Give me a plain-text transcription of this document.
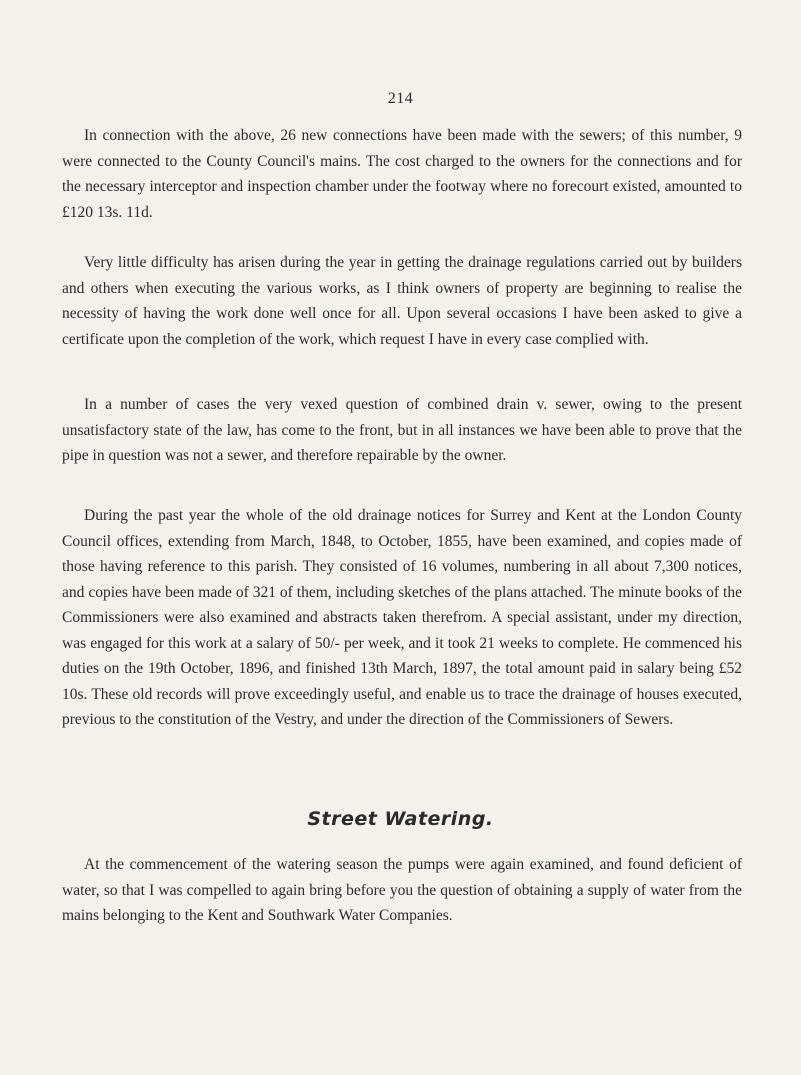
214

In connection with the above, 26 new connections have been made with the sewers; of this number, 9 were connected to the County Council's mains. The cost charged to the owners for the connections and for the necessary interceptor and inspection chamber under the footway where no forecourt existed, amounted to £120 13s. 11d.

Very little difficulty has arisen during the year in getting the drainage regulations carried out by builders and others when executing the various works, as I think owners of property are beginning to realise the necessity of having the work done well once for all. Upon several occasions I have been asked to give a certificate upon the completion of the work, which request I have in every case complied with.

In a number of cases the very vexed question of combined drain v. sewer, owing to the present unsatisfactory state of the law, has come to the front, but in all instances we have been able to prove that the pipe in question was not a sewer, and therefore repairable by the owner.

During the past year the whole of the old drainage notices for Surrey and Kent at the London County Council offices, extending from March, 1848, to October, 1855, have been examined, and copies made of those having reference to this parish. They consisted of 16 volumes, numbering in all about 7,300 notices, and copies have been made of 321 of them, including sketches of the plans attached. The minute books of the Commissioners were also examined and abstracts taken therefrom. A special assistant, under my direction, was engaged for this work at a salary of 50/- per week, and it took 21 weeks to complete. He commenced his duties on the 19th October, 1896, and finished 13th March, 1897, the total amount paid in salary being £52 10s. These old records will prove exceedingly useful, and enable us to trace the drainage of houses executed, previous to the constitution of the Vestry, and under the direction of the Commissioners of Sewers.

Street Watering.

At the commencement of the watering season the pumps were again examined, and found deficient of water, so that I was compelled to again bring before you the question of obtaining a supply of water from the mains belonging to the Kent and Southwark Water Companies.
